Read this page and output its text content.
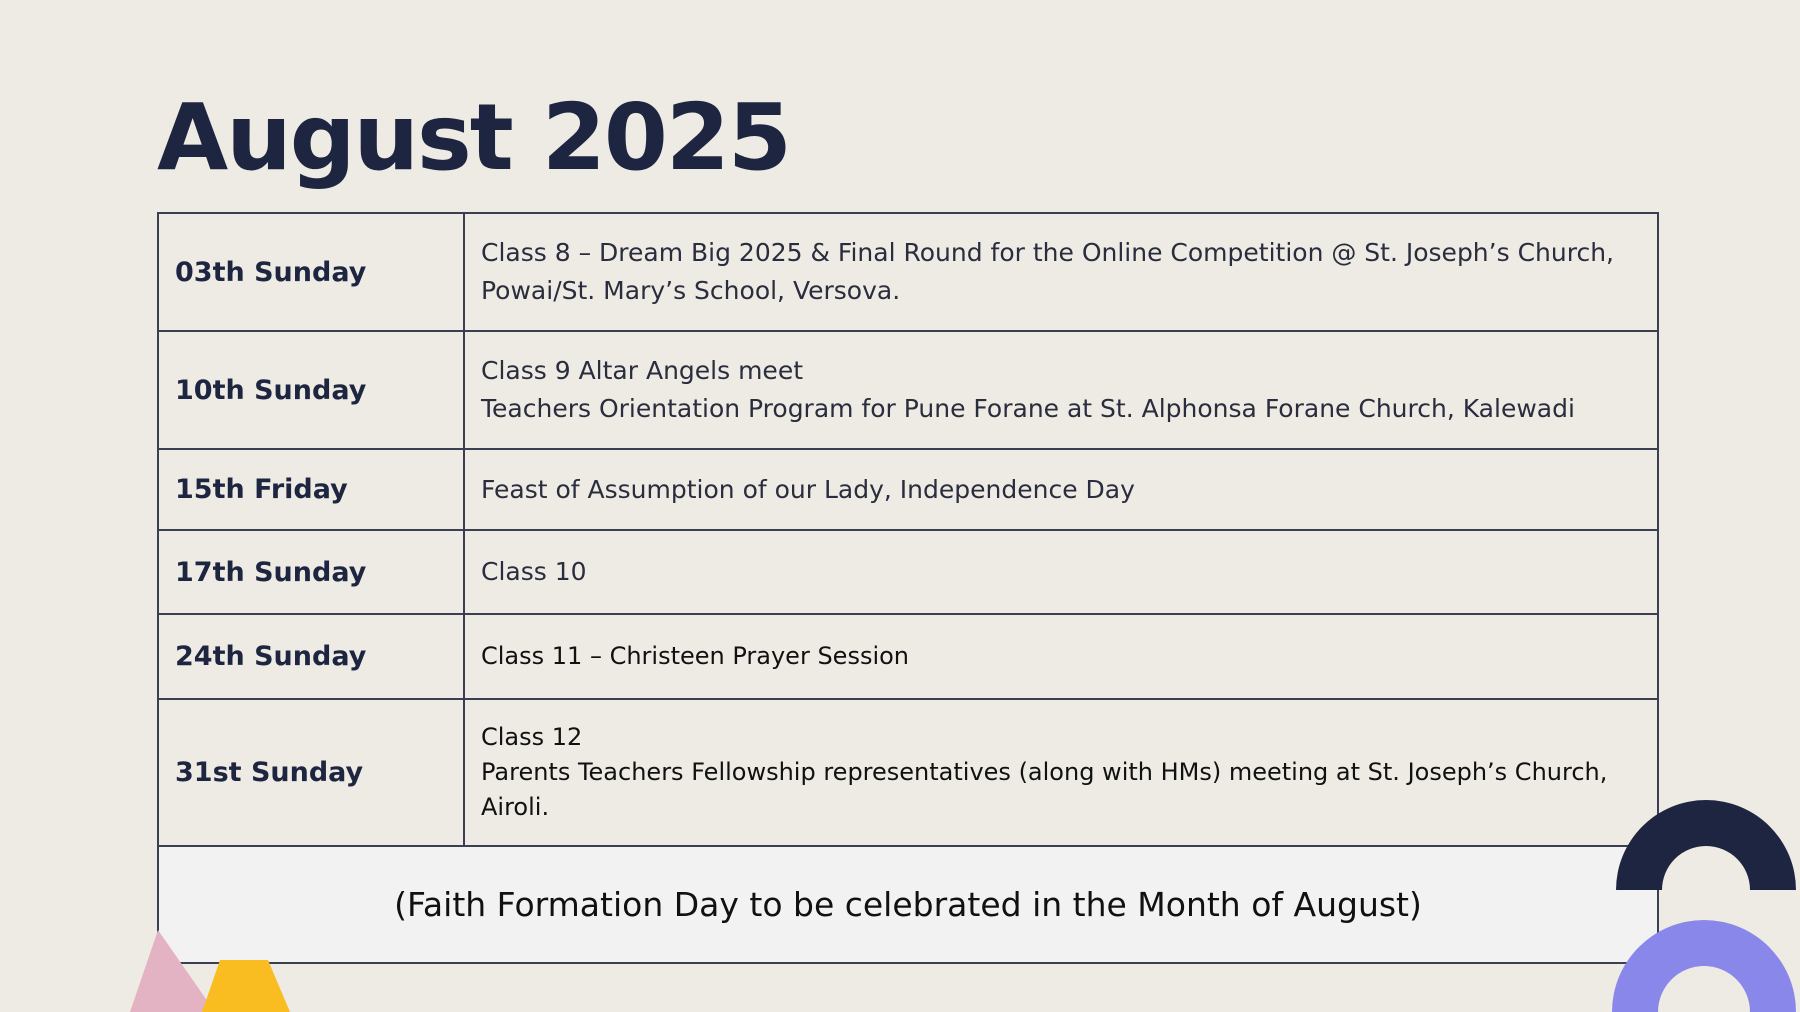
August 2025
03th Sunday	Class 8 – Dream Big 2025 & Final Round for the Online Competition @ St. Joseph’s Church, Powai/St. Mary’s School, Versova.

10th Sunday	Class 9 Altar Angels meet
Teachers Orientation Program for Pune Forane at St. Alphonsa Forane Church, Kalewadi

15th Friday	Feast of Assumption of our Lady, Independence Day

17th Sunday	Class 10

24th Sunday	Class 11 – Christeen Prayer Session

31st Sunday	Class 12
Parents Teachers Fellowship representatives (along with HMs) meeting at St. Joseph’s Church, Airoli.

(Faith Formation Day to be celebrated in the Month of August)	
